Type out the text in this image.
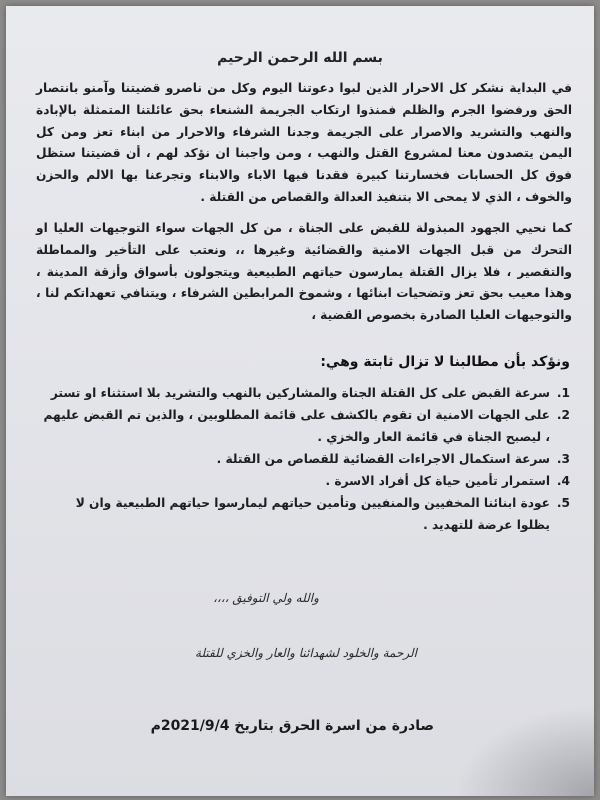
بسم الله الرحمن الرحيم
في البداية نشكر كل الاحرار الذين لبوا دعوتنا اليوم وكل من ناصرو قضيتنا وآمنو بانتصار الحق ورفضوا الجرم والظلم فمنذوا ارتكاب الجريمة الشنعاء بحق عائلتنا المتمثلة بالإبادة والنهب والتشريد والاصرار على الجريمة وجدنا الشرفاء والاحرار من ابناء تعز ومن كل اليمن يتصدون معنا لمشروع القتل والنهب ، ومن واجبنا ان نؤكد لهم ، أن قضيتنا ستظل فوق كل الحسابات فخسارتنا كبيرة فقدنا فيها الاباء والابناء وتجرعنا بها الالم والحزن والخوف ، الذي لا يمحى الا بتنفيذ العدالة والقصاص من القتلة .
كما نحيي الجهود المبذولة للقبض على الجناة ، من كل الجهات سواء التوجيهات العليا او التحرك من قبل الجهات الامنية والقضائية وغيرها ،، ونعتب على التأخير والمماطلة والتقصير ، فلا يزال القتلة يمارسون حياتهم الطبيعية ويتجولون بأسواق وأزقة المدينة ، وهذا معيب بحق تعز وتضحيات ابنائها ، وشموخ المرابطين الشرفاء ، ويتنافي تعهداتكم لنا ، والتوجيهات العليا الصادرة بخصوص القضية ،
ونؤكد بأن مطالبنا لا تزال ثابتة وهي:
1.
سرعة القبض على كل القتلة الجناة والمشاركين بالنهب والتشريد بلا استثناء او تستر
2.
على الجهات الامنية ان تقوم بالكشف على قائمة المطلوبين ، والذين تم القبض عليهم ، ليصبح الجناة في قائمة العار والخزي .
3.
سرعة استكمال الاجراءات القضائية للقصاص من القتلة .
4.
استمرار تأمين حياة كل أفراد الاسرة .
5.
عودة ابنائنا المخفيين والمنفيين وتأمين حياتهم ليمارسوا حياتهم الطبيعية وان لا يظلوا عرضة للتهديد .
والله ولي التوفيق ،،،،
الرحمة والخلود لشهدائنا والعار والخزي للقتلة
صادرة من اسرة الحرق بتاريخ 2021/9/4م
